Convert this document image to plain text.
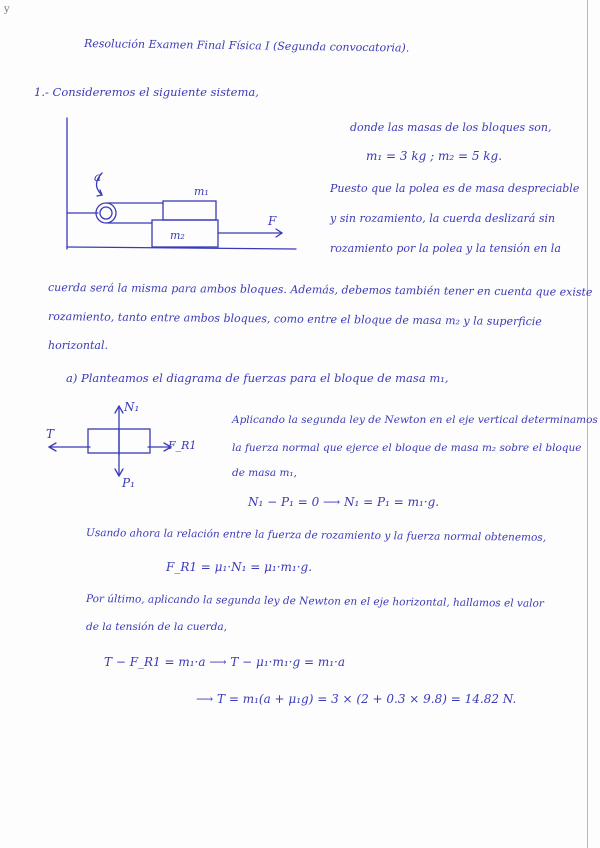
y
Resolución Examen Final Física I (Segunda convocatoria).
1.- Consideremos el siguiente sistema,
a
m₁
m₂
F
donde las masas de los bloques son,
m₁ = 3 kg ; m₂ = 5 kg.
Puesto que la polea es de masa despreciable
y sin rozamiento, la cuerda deslizará sin
rozamiento por la polea y la tensión en la
cuerda será la misma para ambos bloques. Además, debemos también tener en cuenta que existe
rozamiento, tanto entre ambos bloques, como entre el bloque de masa m₂ y la superficie
horizontal.
a) Planteamos el diagrama de fuerzas para el bloque de masa m₁,
N₁
T
F_R1
P₁
Aplicando la segunda ley de Newton en el eje vertical determinamos
la fuerza normal que ejerce el bloque de masa m₂ sobre el bloque
de masa m₁,
N₁ − P₁ = 0 ⟶ N₁ = P₁ = m₁·g.
Usando ahora la relación entre la fuerza de rozamiento y la fuerza normal obtenemos,
F_R1 = μ₁·N₁ = μ₁·m₁·g.
Por último, aplicando la segunda ley de Newton en el eje horizontal, hallamos el valor
de la tensión de la cuerda,
T − F_R1 = m₁·a ⟶ T − μ₁·m₁·g = m₁·a
⟶ T = m₁(a + μ₁g) = 3 × (2 + 0.3 × 9.8) = 14.82 N.
